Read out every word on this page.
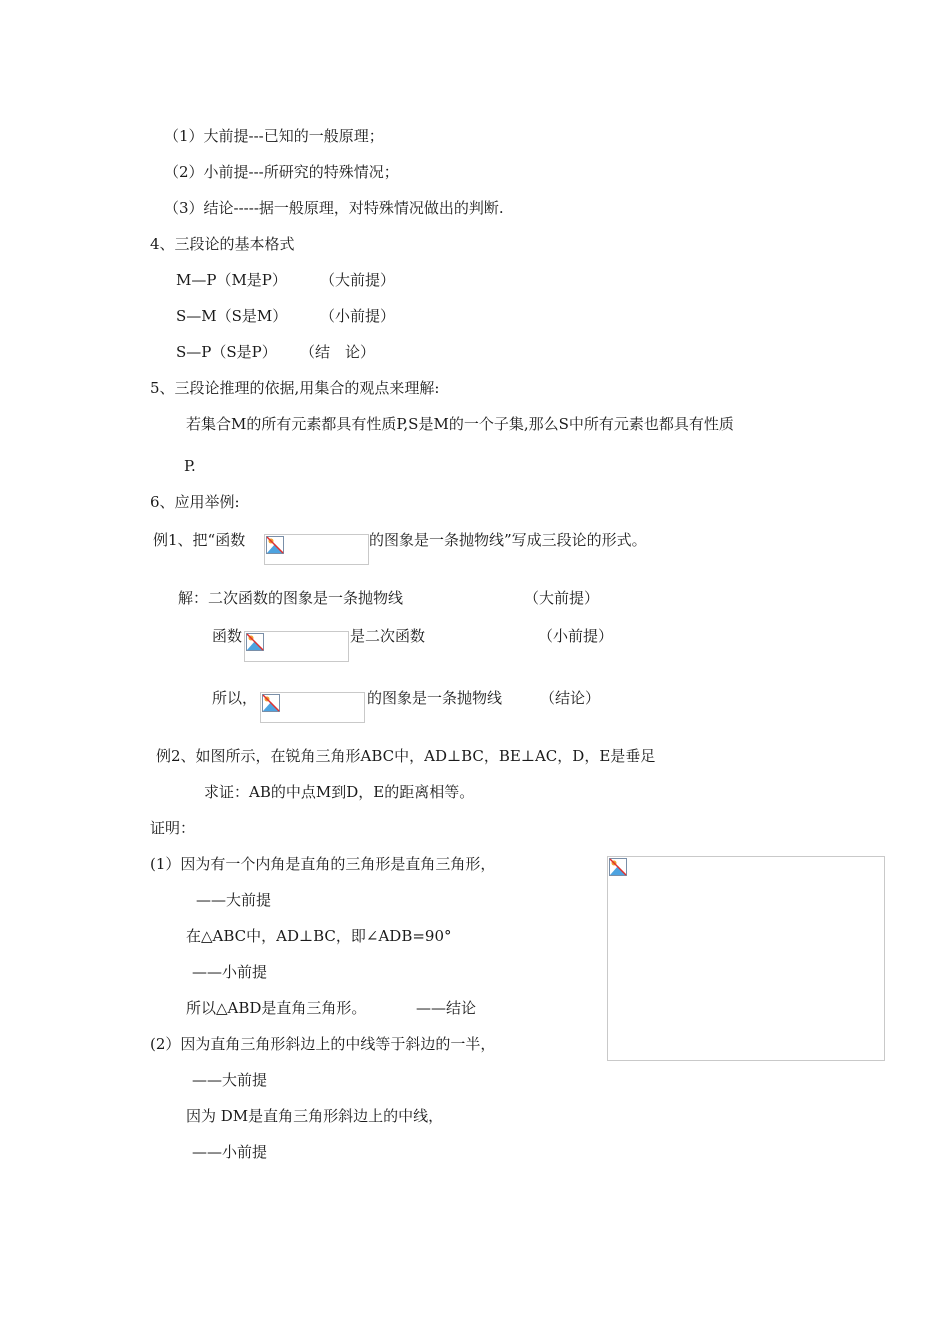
（1）大前提---已知的一般原理；
（2）小前提---所研究的特殊情况；
（3）结论-----据一般原理，对特殊情况做出的判断.
4、三段论的基本格式
M—P（M是P） （大前提）
S—M（S是M） （小前提）
S—P（S是P） （结　论）
5、三段论推理的依据,用集合的观点来理解:
若集合M的所有元素都具有性质P,S是M的一个子集,那么S中所有元素也都具有性质
P.
6、应用举例:
例1、把“函数	的图象是一条抛物线”写成三段论的形式。
解：二次函数的图象是一条抛物线	（大前提）
函数	是二次函数	（小前提）
所以，	的图象是一条抛物线	（结论）
例2、如图所示，在锐角三角形ABC中，AD⊥BC，BE⊥AC，D，E是垂足
求证：AB的中点M到D，E的距离相等。
证明：
(1）因为有一个内角是直角的三角形是直角三角形，
——大前提
在△ABC中，AD⊥BC，即∠ADB=90°
——小前提
所以△ABD是直角三角形。	——结论
(2）因为直角三角形斜边上的中线等于斜边的一半，
——大前提
因为 DM是直角三角形斜边上的中线，
——小前提
